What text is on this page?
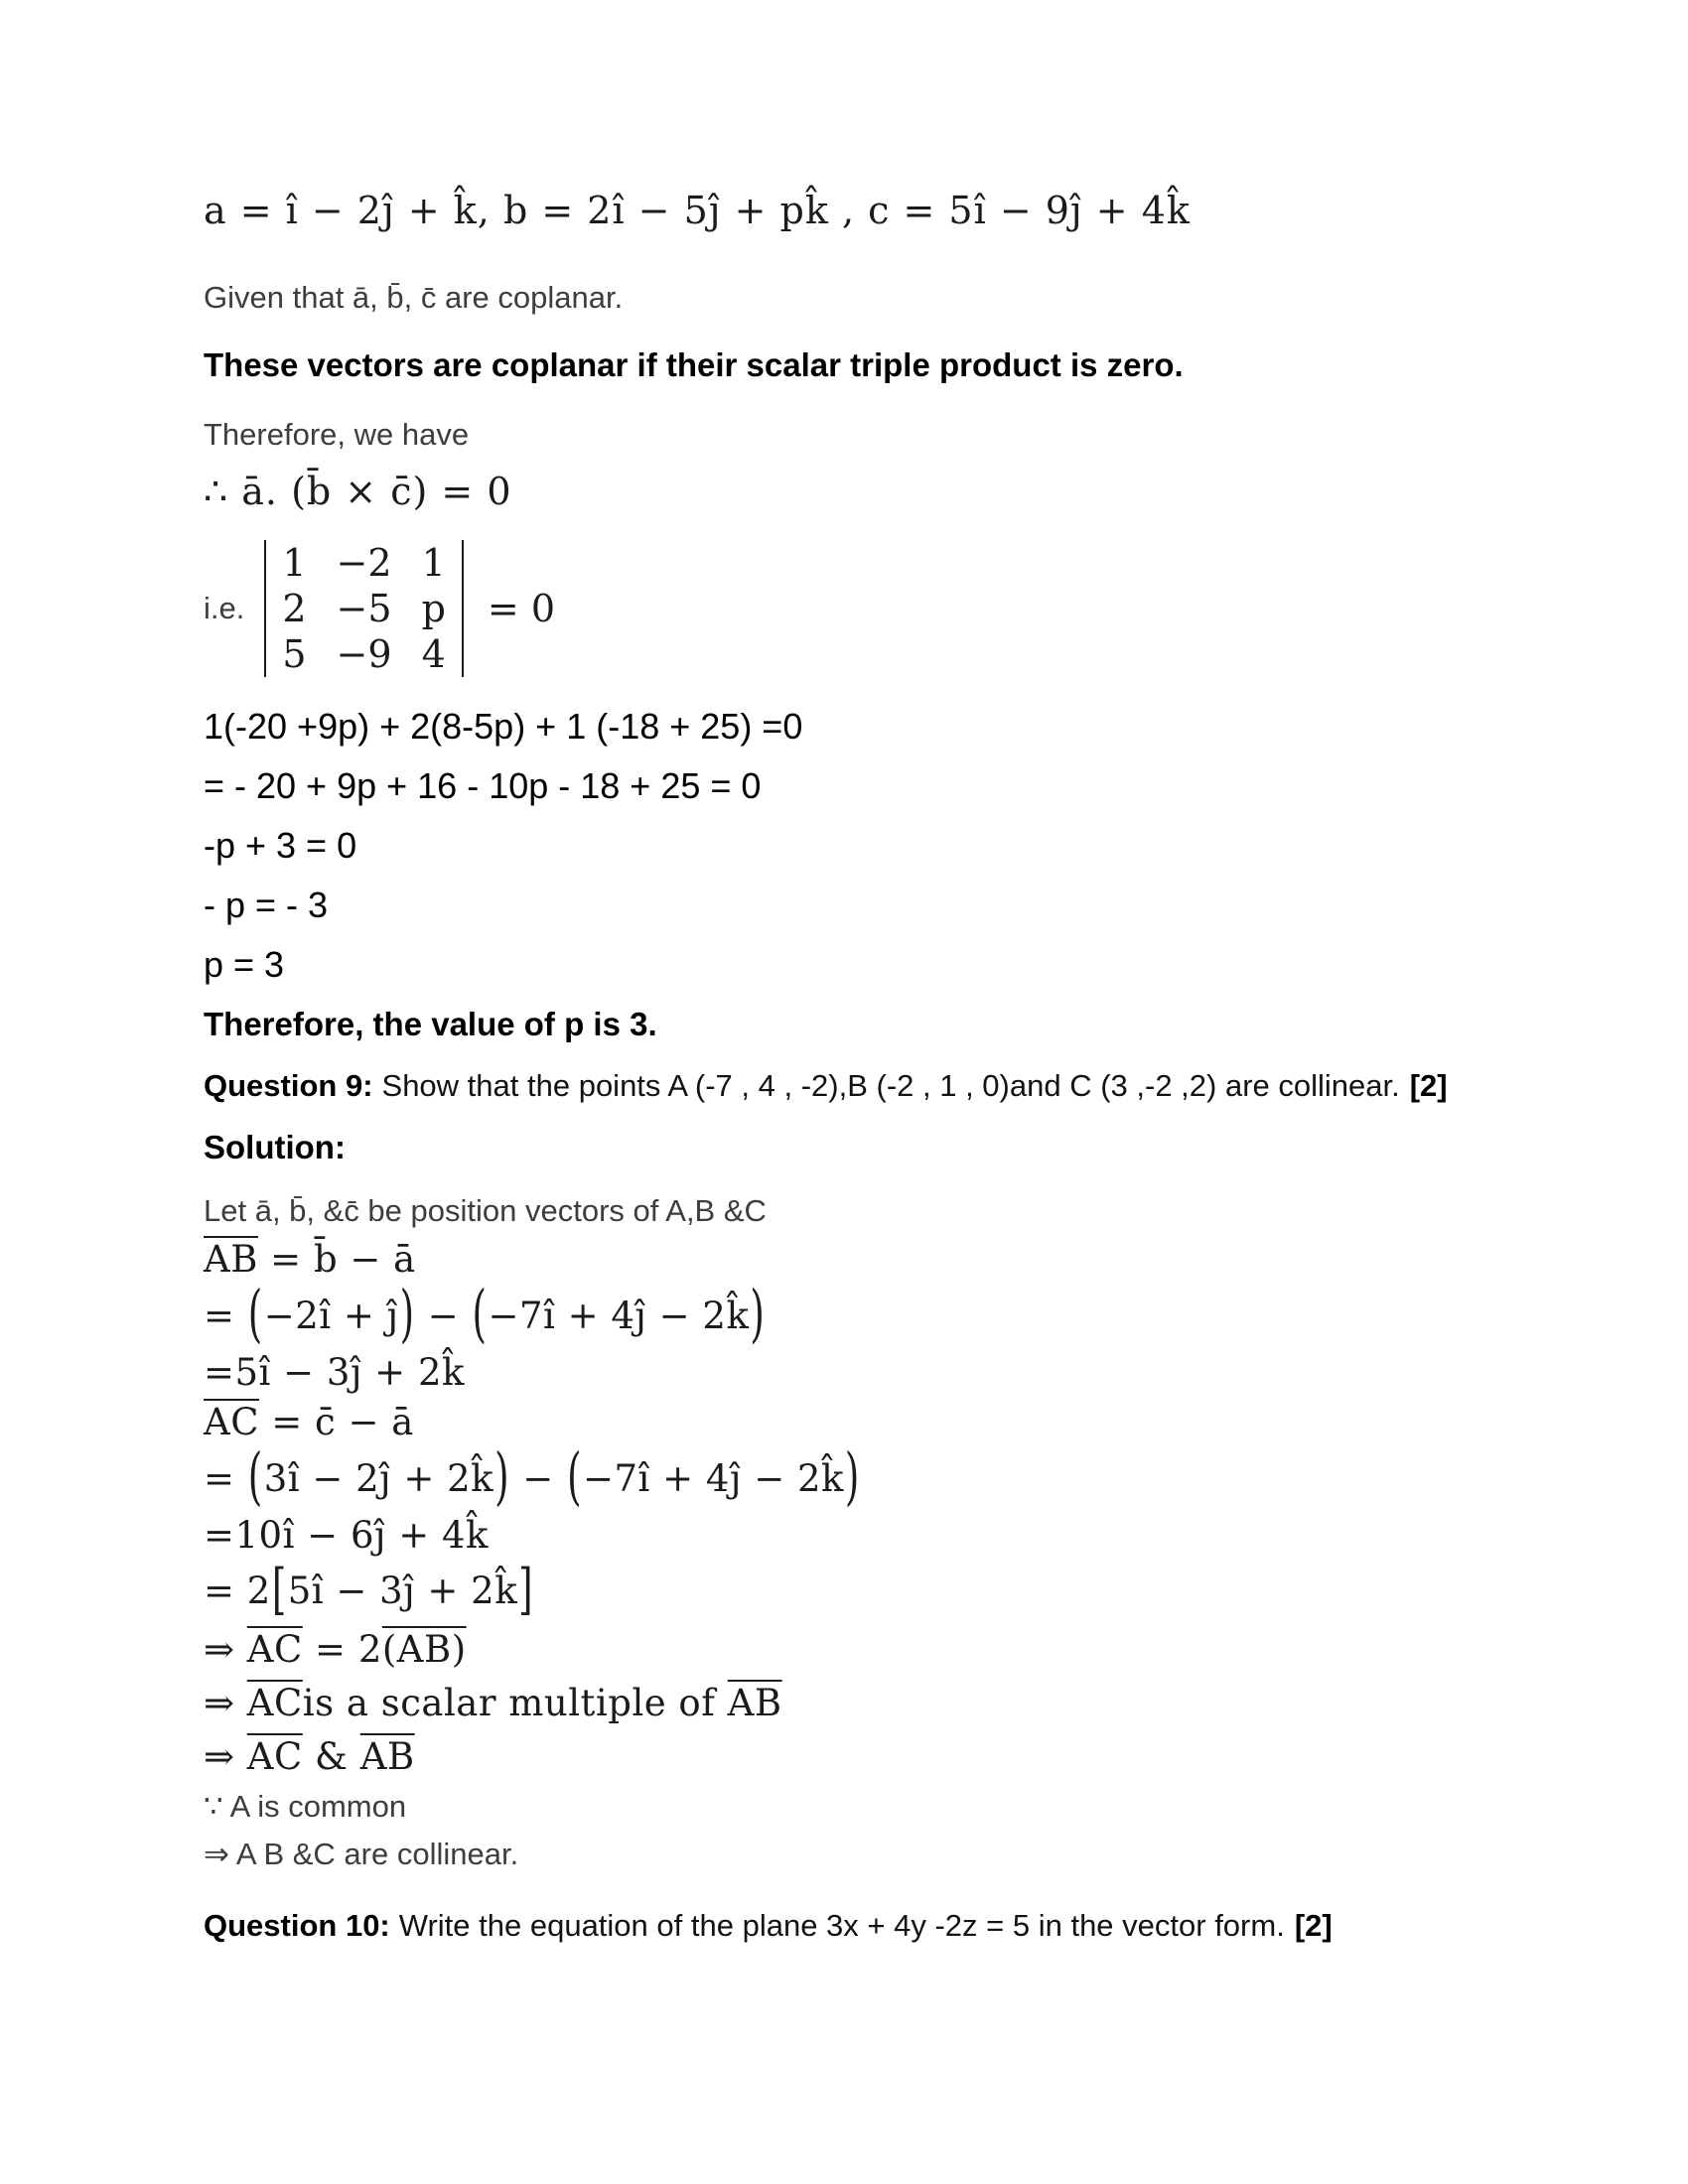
a = î − 2ĵ + k̂, b = 2î − 5ĵ + pk̂ , c = 5î − 9ĵ + 4k̂
Given that ā, b̄, c̄ are coplanar.
These vectors are coplanar if their scalar triple product is zero.
Therefore, we have
∴ ā. (b̄ × c̄) = 0
i.e.
1 −2 1
2 −5 p
5 −9 4
= 0
1(-20 +9p) + 2(8-5p) + 1 (-18 + 25) =0
= - 20 + 9p + 16 - 10p - 18 + 25 = 0
-p + 3 = 0
- p = - 3
p = 3
Therefore, the value of p is 3.
Question 9: Show that the points A (-7 , 4 , -2),B (-2 , 1 , 0)and C (3 ,-2 ,2) are collinear. [2]
Solution:
Let ā, b̄, &c̄ be position vectors of A,B &C
$\overline{AB}$ = b̄ − ā
= (−2î + ĵ) − (−7î + 4ĵ − 2k̂)
=5î − 3ĵ + 2k̂
$\overline{AC}$ = c̄ − ā
= (3î − 2ĵ + 2k̂) − (−7î + 4ĵ − 2k̂)
=10î − 6ĵ + 4k̂
= 2[5î − 3ĵ + 2k̂]
⇒ $\overline{AC} = 2(AB)$
⇒ $\overline{AC}is$ a scalar multiple of $\overline{AB}$
⇒ $\overline{AC}$ & $\overline{AB}$
∵ A is common
⇒ A B &C are collinear.
Question 10: Write the equation of the plane 3x + 4y -2z = 5 in the vector form. [2]
